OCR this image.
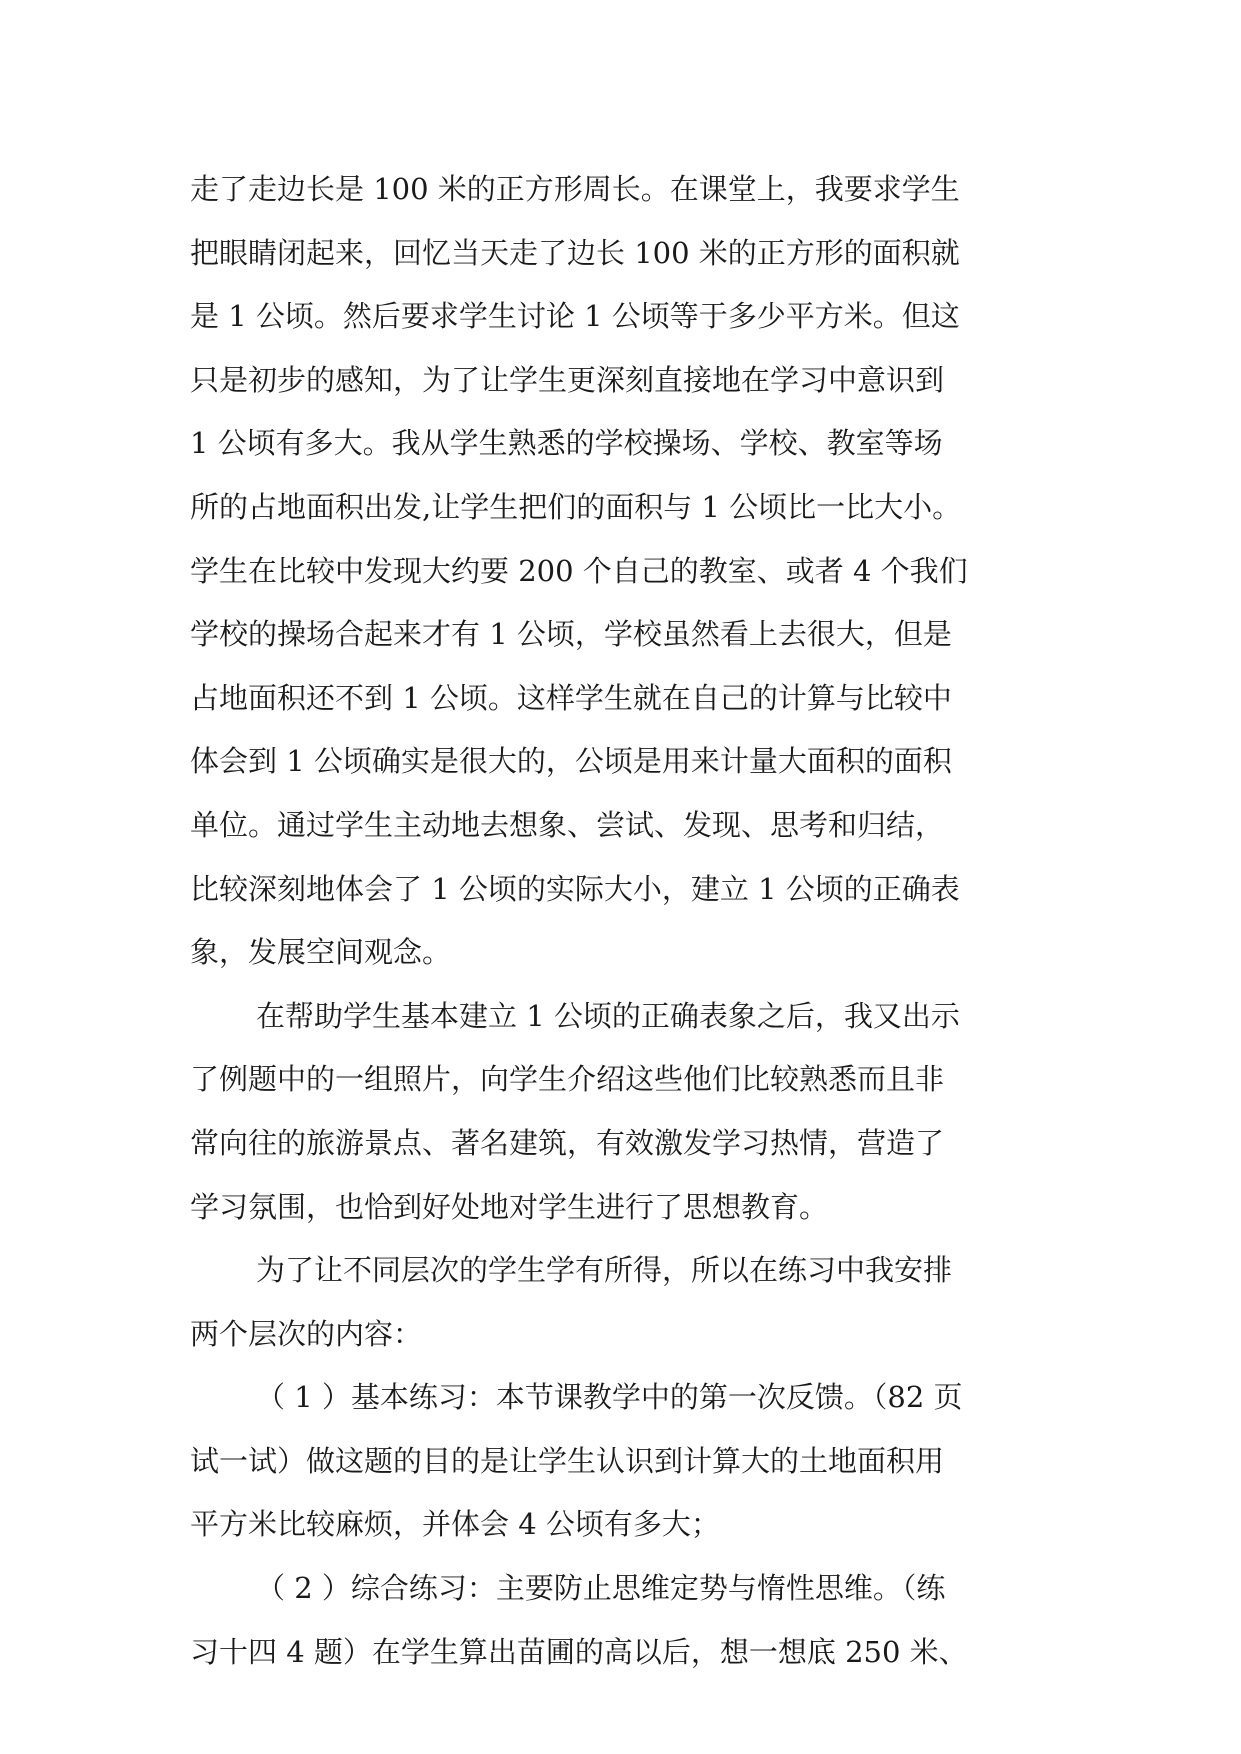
走了走边长是 100 米的正方形周长。在课堂上，我要求学生
把眼睛闭起来，回忆当天走了边长 100 米的正方形的面积就
是 1 公顷。然后要求学生讨论 1 公顷等于多少平方米。但这
只是初步的感知，为了让学生更深刻直接地在学习中意识到
1 公顷有多大。我从学生熟悉的学校操场、学校、教室等场
所的占地面积出发,让学生把们的面积与 1 公顷比一比大小。
学生在比较中发现大约要 200 个自己的教室、或者 4 个我们
学校的操场合起来才有 1 公顷，学校虽然看上去很大，但是
占地面积还不到 1 公顷。这样学生就在自己的计算与比较中
体会到 1 公顷确实是很大的，公顷是用来计量大面积的面积
单位。通过学生主动地去想象、尝试、发现、思考和归结，
比较深刻地体会了 1 公顷的实际大小，建立 1 公顷的正确表
象，发展空间观念。
在帮助学生基本建立 1 公顷的正确表象之后，我又出示
了例题中的一组照片，向学生介绍这些他们比较熟悉而且非
常向往的旅游景点、著名建筑，有效激发学习热情，营造了
学习氛围，也恰到好处地对学生进行了思想教育。
为了让不同层次的学生学有所得，所以在练习中我安排
两个层次的内容：
（ 1 ）基本练习：本节课教学中的第一次反馈。（82 页
试一试）做这题的目的是让学生认识到计算大的土地面积用
平方米比较麻烦，并体会 4 公顷有多大；
（ 2 ）综合练习：主要防止思维定势与惰性思维。（练
习十四 4 题）在学生算出苗圃的高以后，想一想底 250 米、
